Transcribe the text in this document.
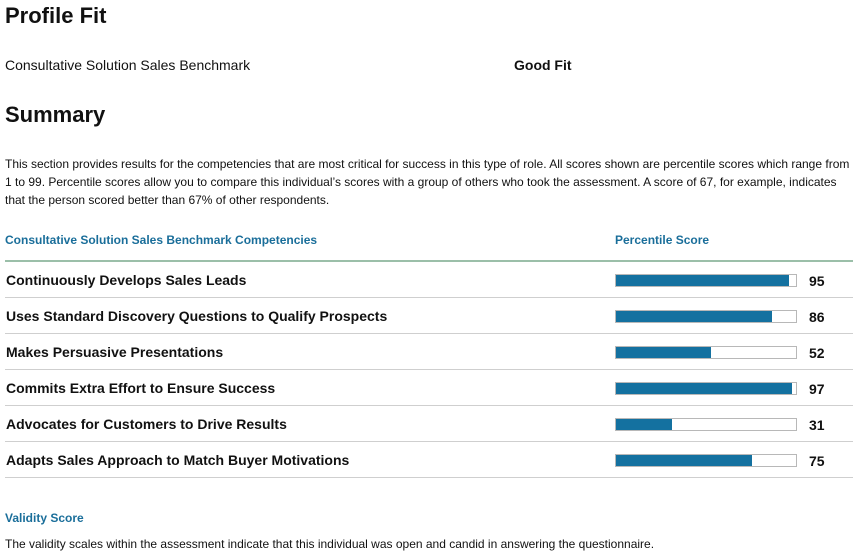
Profile Fit
Consultative Solution Sales Benchmark	Good Fit
Summary

This section provides results for the competencies that are most critical for success in this type of role. All scores shown are percentile scores which range from 1 to 99. Percentile scores allow you to compare this individual’s scores with a group of others who took the assessment. A score of 67, for example, indicates that the person scored better than 67% of other respondents.

Consultative Solution Sales Benchmark Competencies	Percentile Score
Continuously Develops Sales Leads	95
Uses Standard Discovery Questions to Qualify Prospects	86
Makes Persuasive Presentations	52
Commits Extra Effort to Ensure Success	97
Advocates for Customers to Drive Results	31
Adapts Sales Approach to Match Buyer Motivations	75
Validity Score

The validity scales within the assessment indicate that this individual was open and candid in answering the questionnaire.
